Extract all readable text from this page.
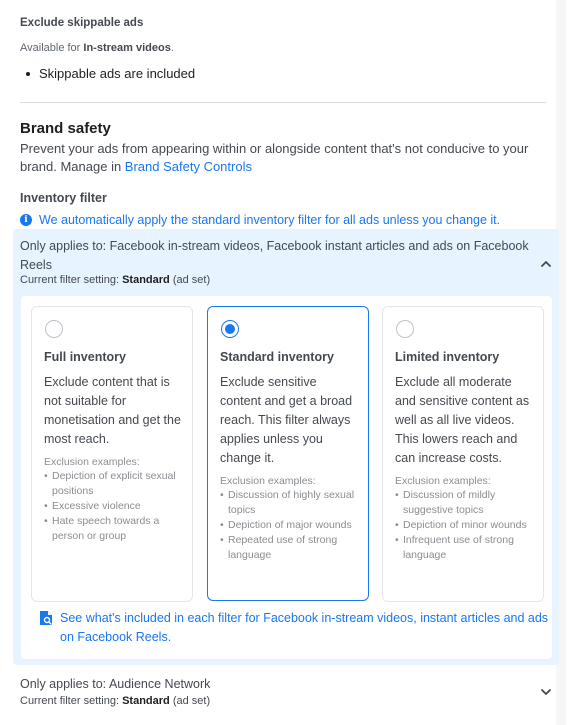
Exclude skippable ads
Available for In-stream videos.
Skippable ads are included
Brand safety
Prevent your ads from appearing within or alongside content that's not conducive to your brand. Manage in Brand Safety Controls
Inventory filter
i We automatically apply the standard inventory filter for all ads unless you change it.
Only applies to: Facebook in-stream videos, Facebook instant articles and ads on Facebook Reels
Current filter setting: Standard (ad set)
Full inventory
Exclude content that is not suitable for monetisation and get the most reach.
Exclusion examples:
• Depiction of explicit sexual positions
• Excessive violence
• Hate speech towards a person or group
Standard inventory
Exclude sensitive content and get a broad reach. This filter always applies unless you change it.
Exclusion examples:
• Discussion of highly sexual topics
• Depiction of major wounds
• Repeated use of strong language
Limited inventory
Exclude all moderate and sensitive content as well as all live videos. This lowers reach and can increase costs.
Exclusion examples:
• Discussion of mildly suggestive topics
• Depiction of minor wounds
• Infrequent use of strong language
See what's included in each filter for Facebook in-stream videos, instant articles and ads on Facebook Reels.
Only applies to: Audience Network
Current filter setting: Standard (ad set)
